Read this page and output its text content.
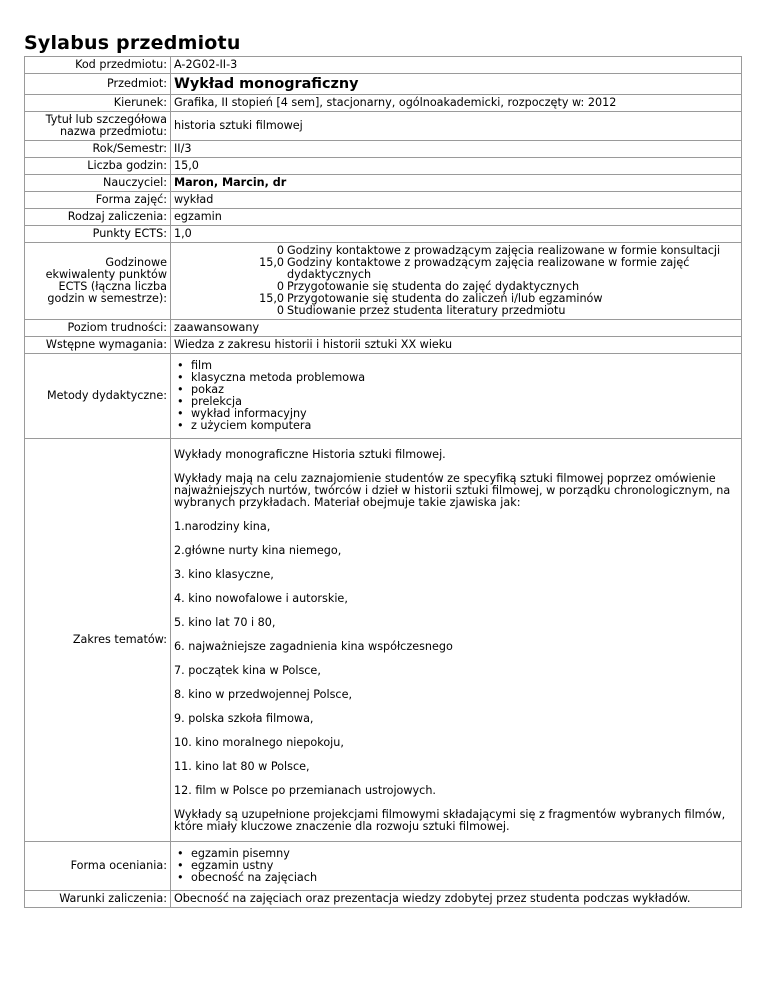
Sylabus przedmiotu
Kod przedmiotu:	A-2G02-II-3
Przedmiot:	Wykład monograficzny
Kierunek:	Grafika, II stopień [4 sem], stacjonarny, ogólnoakademicki, rozpoczęty w: 2012

Tytuł lub szczegółowa
nazwa przedmiotu:	historia sztuki filmowej
Rok/Semestr:	II/3
Liczba godzin:	15,0
Nauczyciel:	Maron, Marcin, dr
Forma zajęć:	wykład
Rodzaj zaliczenia:	egzamin
Punkty ECTS:	1,0

Godzinowe
ekwiwalenty punktów
ECTS (łączna liczba
godzin w semestrze):

0	Godziny kontaktowe z prowadzącym zajęcia realizowane w formie konsultacji
15,0	Godziny kontaktowe z prowadzącym zajęcia realizowane w formie zajęć dydaktycznych
0	Przygotowanie się studenta do zajęć dydaktycznych
15,0	Przygotowanie się studenta do zaliczeń i/lub egzaminów
0	Studiowanie przez studenta literatury przedmiotu

Poziom trudności:	zaawansowany
Wstępne wymagania:	Wiedza z zakresu historii i historii sztuki XX wieku
Metody dydaktyczne:	
• film
• klasyczna metoda problemowa
• pokaz
• prelekcja
• wykład informacyjny
• z użyciem komputera

Zakres tematów:	

Wykłady monograficzne Historia sztuki filmowej.

Wykłady mają na celu zaznajomienie studentów ze specyfiką sztuki filmowej poprzez omówienie najważniejszych nurtów, twórców i dzieł w historii sztuki filmowej, w porządku chronologicznym, na wybranych przykładach. Materiał obejmuje takie zjawiska jak:

1.narodziny kina,

2.główne nurty kina niemego,

3. kino klasyczne,

4. kino nowofalowe i autorskie,

5. kino lat 70 i 80,

6. najważniejsze zagadnienia kina współczesnego

7. początek kina w Polsce,

8. kino w przedwojennej Polsce,

9. polska szkoła filmowa,

10. kino moralnego niepokoju,

11. kino lat 80 w Polsce,

12. film w Polsce po przemianach ustrojowych.

Wykłady są uzupełnione projekcjami filmowymi składającymi się z fragmentów wybranych filmów, które miały kluczowe znaczenie dla rozwoju sztuki filmowej.

Forma oceniania:	
• egzamin pisemny
• egzamin ustny
• obecność na zajęciach

Warunki zaliczenia:	Obecność na zajęciach oraz prezentacja wiedzy zdobytej przez studenta podczas wykładów.
